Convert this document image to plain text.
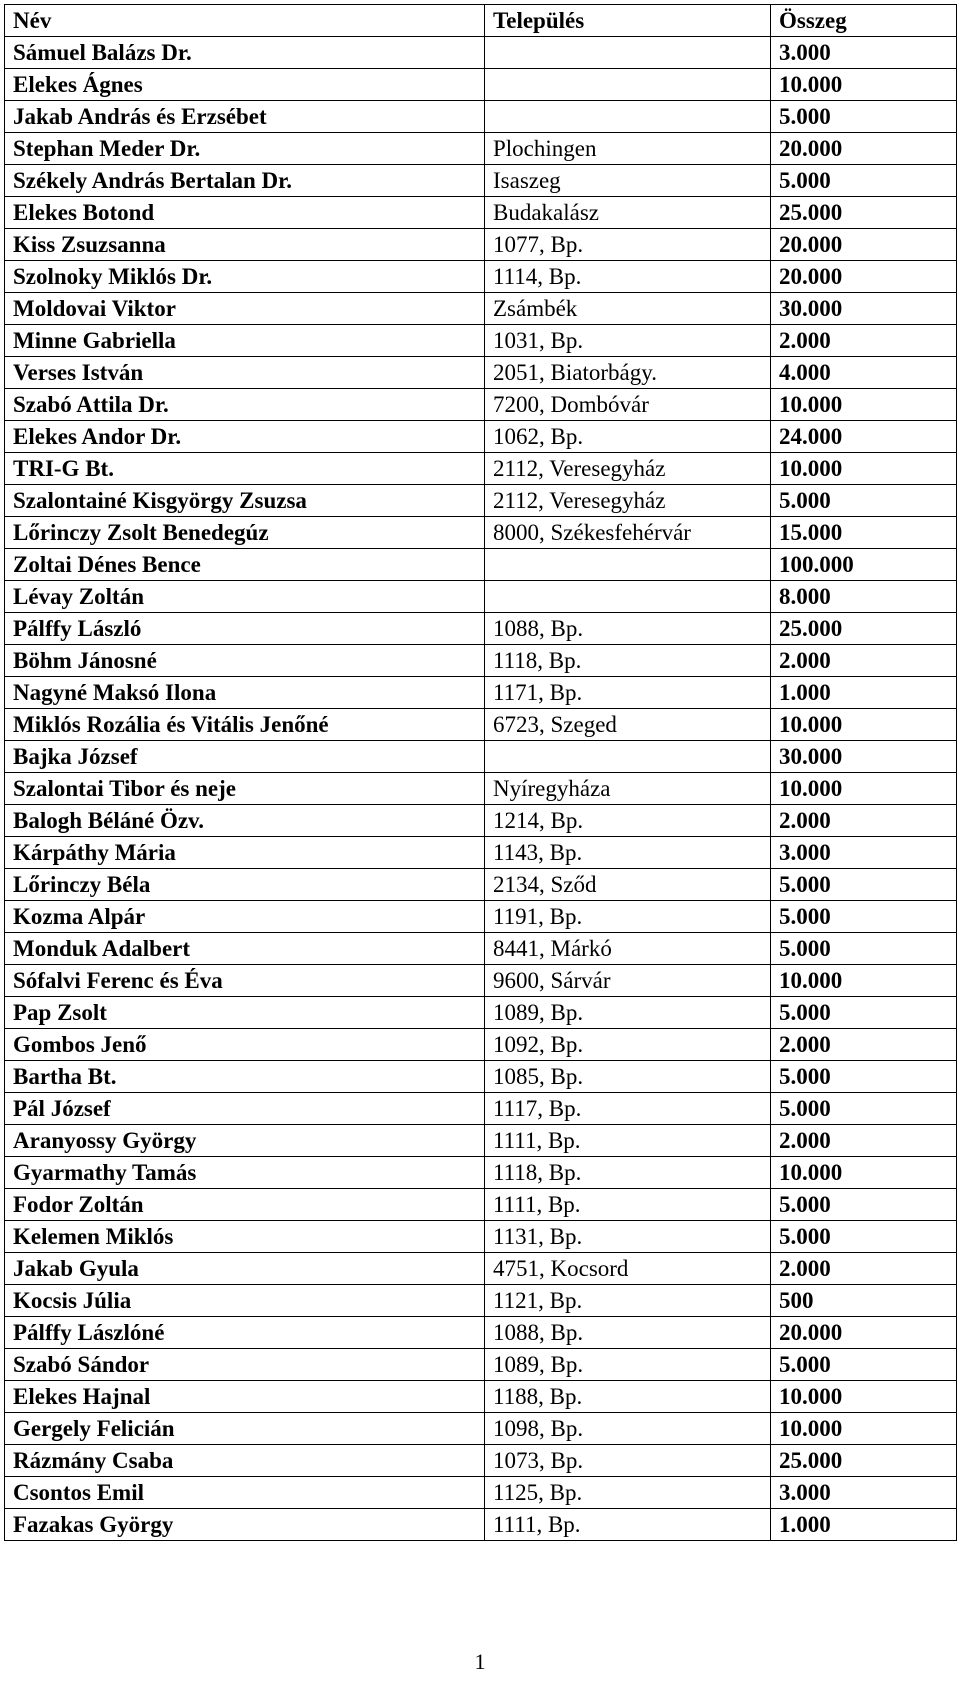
Név	Település	Összeg
Sámuel Balázs Dr.		3.000
Elekes Ágnes		10.000
Jakab András és Erzsébet		5.000
Stephan Meder Dr.	Plochingen	20.000
Székely András Bertalan Dr.	Isaszeg	5.000
Elekes Botond	Budakalász	25.000
Kiss Zsuzsanna	1077, Bp.	20.000
Szolnoky Miklós Dr.	1114, Bp.	20.000
Moldovai Viktor	Zsámbék	30.000
Minne Gabriella	1031, Bp.	2.000
Verses István	2051, Biatorbágy.	4.000
Szabó Attila Dr.	7200, Dombóvár	10.000
Elekes Andor Dr.	1062, Bp.	24.000
TRI-G Bt.	2112, Veresegyház	10.000
Szalontainé Kisgyörgy Zsuzsa	2112, Veresegyház	5.000
Lőrinczy Zsolt Benedegúz	8000, Székesfehérvár	15.000
Zoltai Dénes Bence		100.000
Lévay Zoltán		8.000
Pálffy László	1088, Bp.	25.000
Böhm Jánosné	1118, Bp.	2.000
Nagyné Maksó Ilona	1171, Bp.	1.000
Miklós Rozália és Vitális Jenőné	6723, Szeged	10.000
Bajka József		30.000
Szalontai Tibor és neje	Nyíregyháza	10.000
Balogh Béláné Özv.	1214, Bp.	2.000
Kárpáthy Mária	1143, Bp.	3.000
Lőrinczy Béla	2134, Sződ	5.000
Kozma Alpár	1191, Bp.	5.000
Monduk Adalbert	8441, Márkó	5.000
Sófalvi Ferenc és Éva	9600, Sárvár	10.000
Pap Zsolt	1089, Bp.	5.000
Gombos Jenő	1092, Bp.	2.000
Bartha Bt.	1085, Bp.	5.000
Pál József	1117, Bp.	5.000
Aranyossy György	1111, Bp.	2.000
Gyarmathy Tamás	1118, Bp.	10.000
Fodor Zoltán	1111, Bp.	5.000
Kelemen Miklós	1131, Bp.	5.000
Jakab Gyula	4751, Kocsord	2.000
Kocsis Júlia	1121, Bp.	500
Pálffy Lászlóné	1088, Bp.	20.000
Szabó Sándor	1089, Bp.	5.000
Elekes Hajnal	1188, Bp.	10.000
Gergely Felicián	1098, Bp.	10.000
Rázmány Csaba	1073, Bp.	25.000
Csontos Emil	1125, Bp.	3.000
Fazakas György	1111, Bp.	1.000
1
